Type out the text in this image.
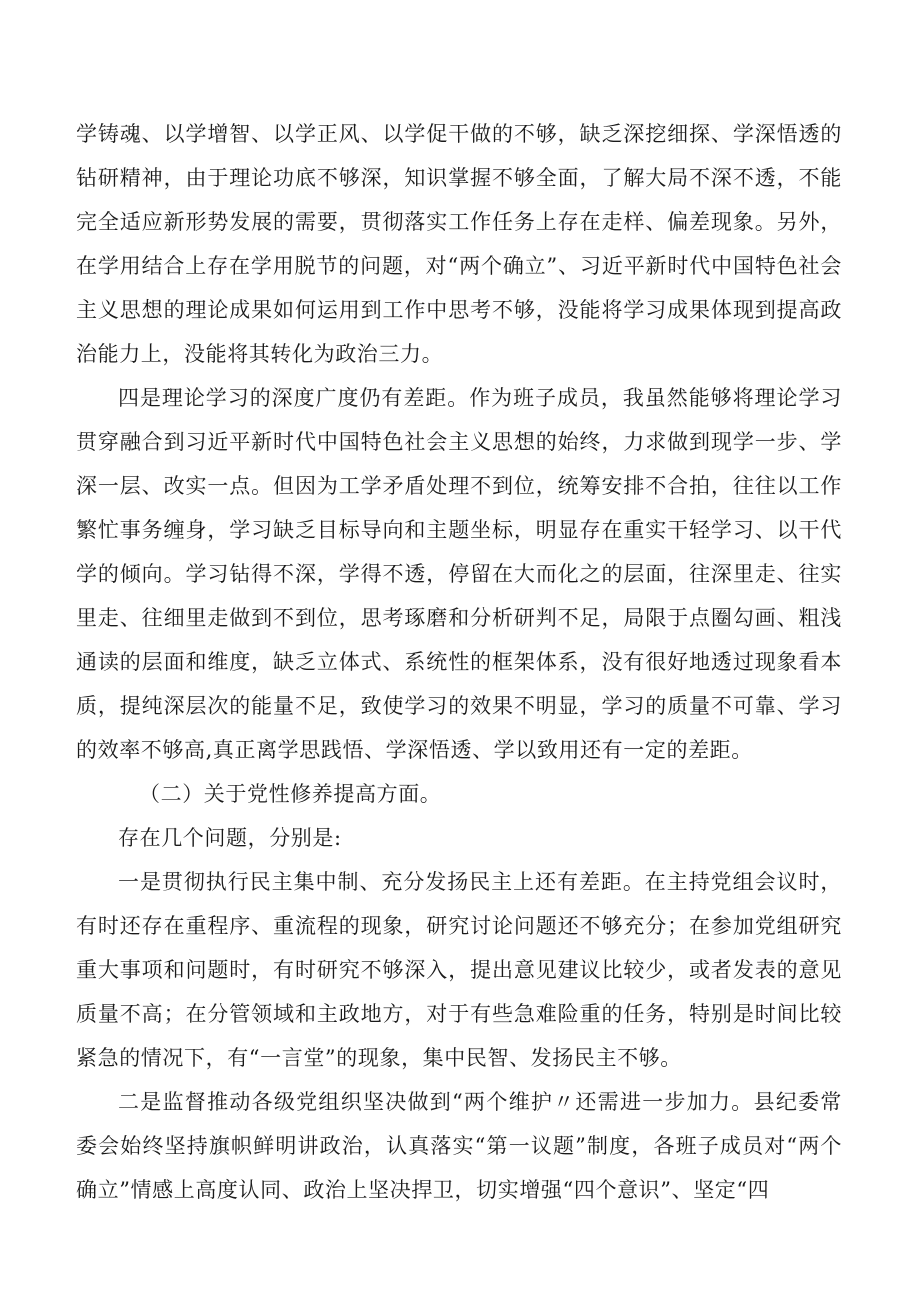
学铸魂、以学增智、以学正风、以学促干做的不够，缺乏深挖细探、学深悟透的钻研精神，由于理论功底不够深，知识掌握不够全面，了解大局不深不透，不能完全适应新形势发展的需要，贯彻落实工作任务上存在走样、偏差现象。另外，在学用结合上存在学用脱节的问题，对“两个确立”、习近平新时代中国特色社会主义思想的理论成果如何运用到工作中思考不够，没能将学习成果体现到提高政治能力上，没能将其转化为政治三力。

四是理论学习的深度广度仍有差距。作为班子成员，我虽然能够将理论学习贯穿融合到习近平新时代中国特色社会主义思想的始终，力求做到现学一步、学深一层、改实一点。但因为工学矛盾处理不到位，统筹安排不合拍，往往以工作繁忙事务缠身，学习缺乏目标导向和主题坐标，明显存在重实干轻学习、以干代学的倾向。学习钻得不深，学得不透，停留在大而化之的层面，往深里走、往实里走、往细里走做到不到位，思考琢磨和分析研判不足，局限于点圈勾画、粗浅通读的层面和维度，缺乏立体式、系统性的框架体系，没有很好地透过现象看本质，提纯深层次的能量不足，致使学习的效果不明显，学习的质量不可靠、学习的效率不够高,真正离学思践悟、学深悟透、学以致用还有一定的差距。

（二）关于党性修养提高方面。

存在几个问题，分别是:

一是贯彻执行民主集中制、充分发扬民主上还有差距。在主持党组会议时，有时还存在重程序、重流程的现象，研究讨论问题还不够充分；在参加党组研究重大事项和问题时，有时研究不够深入，提出意见建议比较少，或者发表的意见质量不高；在分管领域和主政地方，对于有些急难险重的任务，特别是时间比较紧急的情况下，有“一言堂”的现象，集中民智、发扬民主不够。

二是监督推动各级党组织坚决做到“两个维护〃还需进一步加力。县纪委常委会始终坚持旗帜鲜明讲政治，认真落实“第一议题”制度，各班子成员对“两个确立”情感上高度认同、政治上坚决捍卫，切实增强“四个意识”、坚定“四
